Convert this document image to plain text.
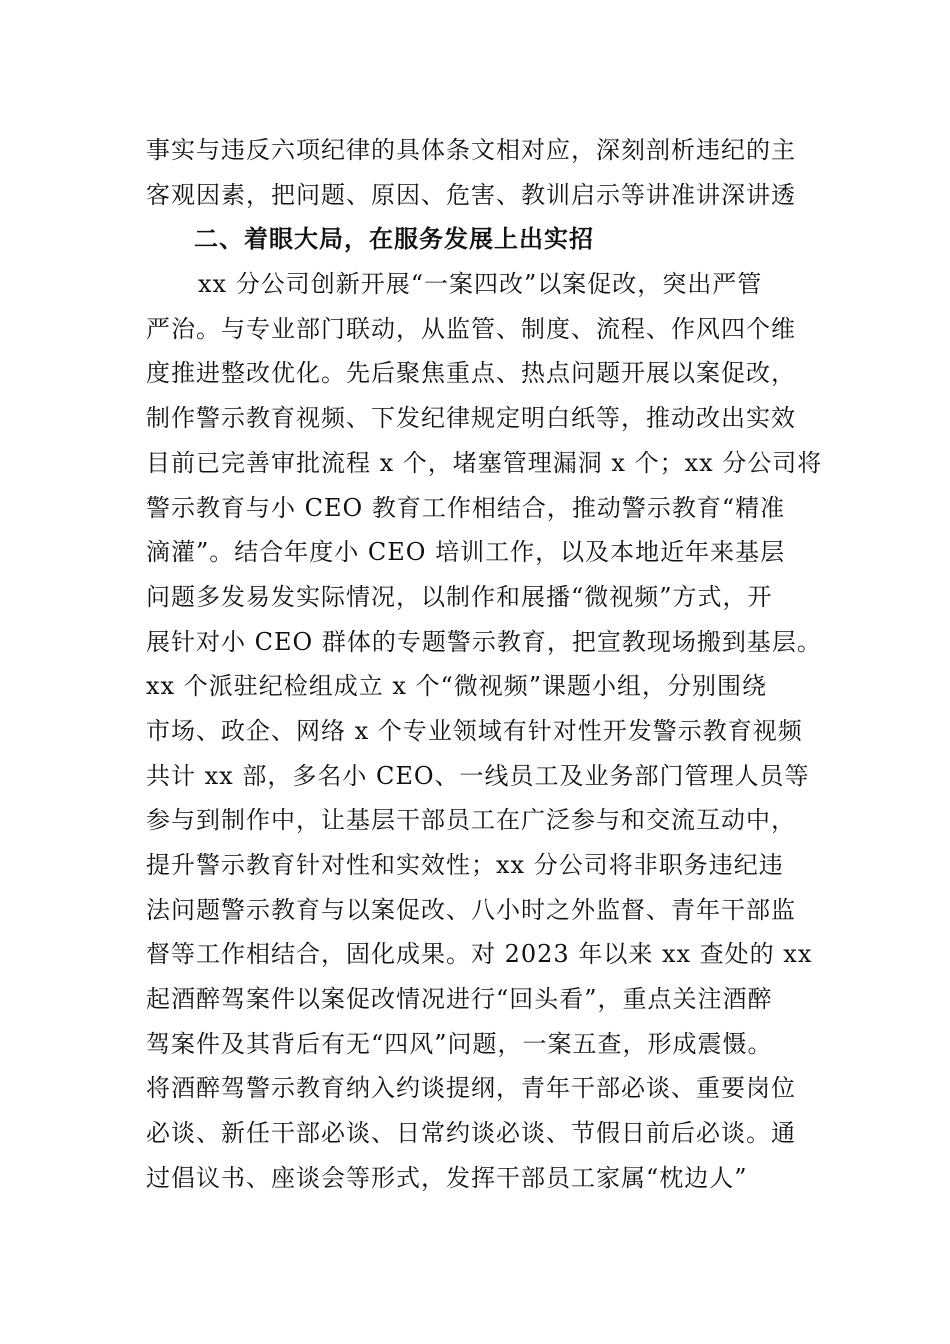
事实与违反六项纪律的具体条文相对应，深刻剖析违纪的主
客观因素，把问题、原因、危害、教训启示等讲准讲深讲透
二、着眼大局，在服务发展上出实招
xx 分公司创新开展“一案四改”以案促改，突出严管
严治。与专业部门联动，从监管、制度、流程、作风四个维
度推进整改优化。先后聚焦重点、热点问题开展以案促改，
制作警示教育视频、下发纪律规定明白纸等，推动改出实效
目前已完善审批流程 x 个，堵塞管理漏洞 x 个；xx 分公司将
警示教育与小 CEO 教育工作相结合，推动警示教育“精准
滴灌”。结合年度小 CEO 培训工作，以及本地近年来基层
问题多发易发实际情况，以制作和展播“微视频”方式，开
展针对小 CEO 群体的专题警示教育，把宣教现场搬到基层。
xx 个派驻纪检组成立 x 个“微视频”课题小组，分别围绕
市场、政企、网络 x 个专业领域有针对性开发警示教育视频
共计 xx 部，多名小 CEO、一线员工及业务部门管理人员等
参与到制作中，让基层干部员工在广泛参与和交流互动中，
提升警示教育针对性和实效性；xx 分公司将非职务违纪违
法问题警示教育与以案促改、八小时之外监督、青年干部监
督等工作相结合，固化成果。对 2023 年以来 xx 查处的 xx
起酒醉驾案件以案促改情况进行“回头看”，重点关注酒醉
驾案件及其背后有无“四风”问题，一案五查，形成震慑。
将酒醉驾警示教育纳入约谈提纲，青年干部必谈、重要岗位
必谈、新任干部必谈、日常约谈必谈、节假日前后必谈。通
过倡议书、座谈会等形式，发挥干部员工家属“枕边人”
